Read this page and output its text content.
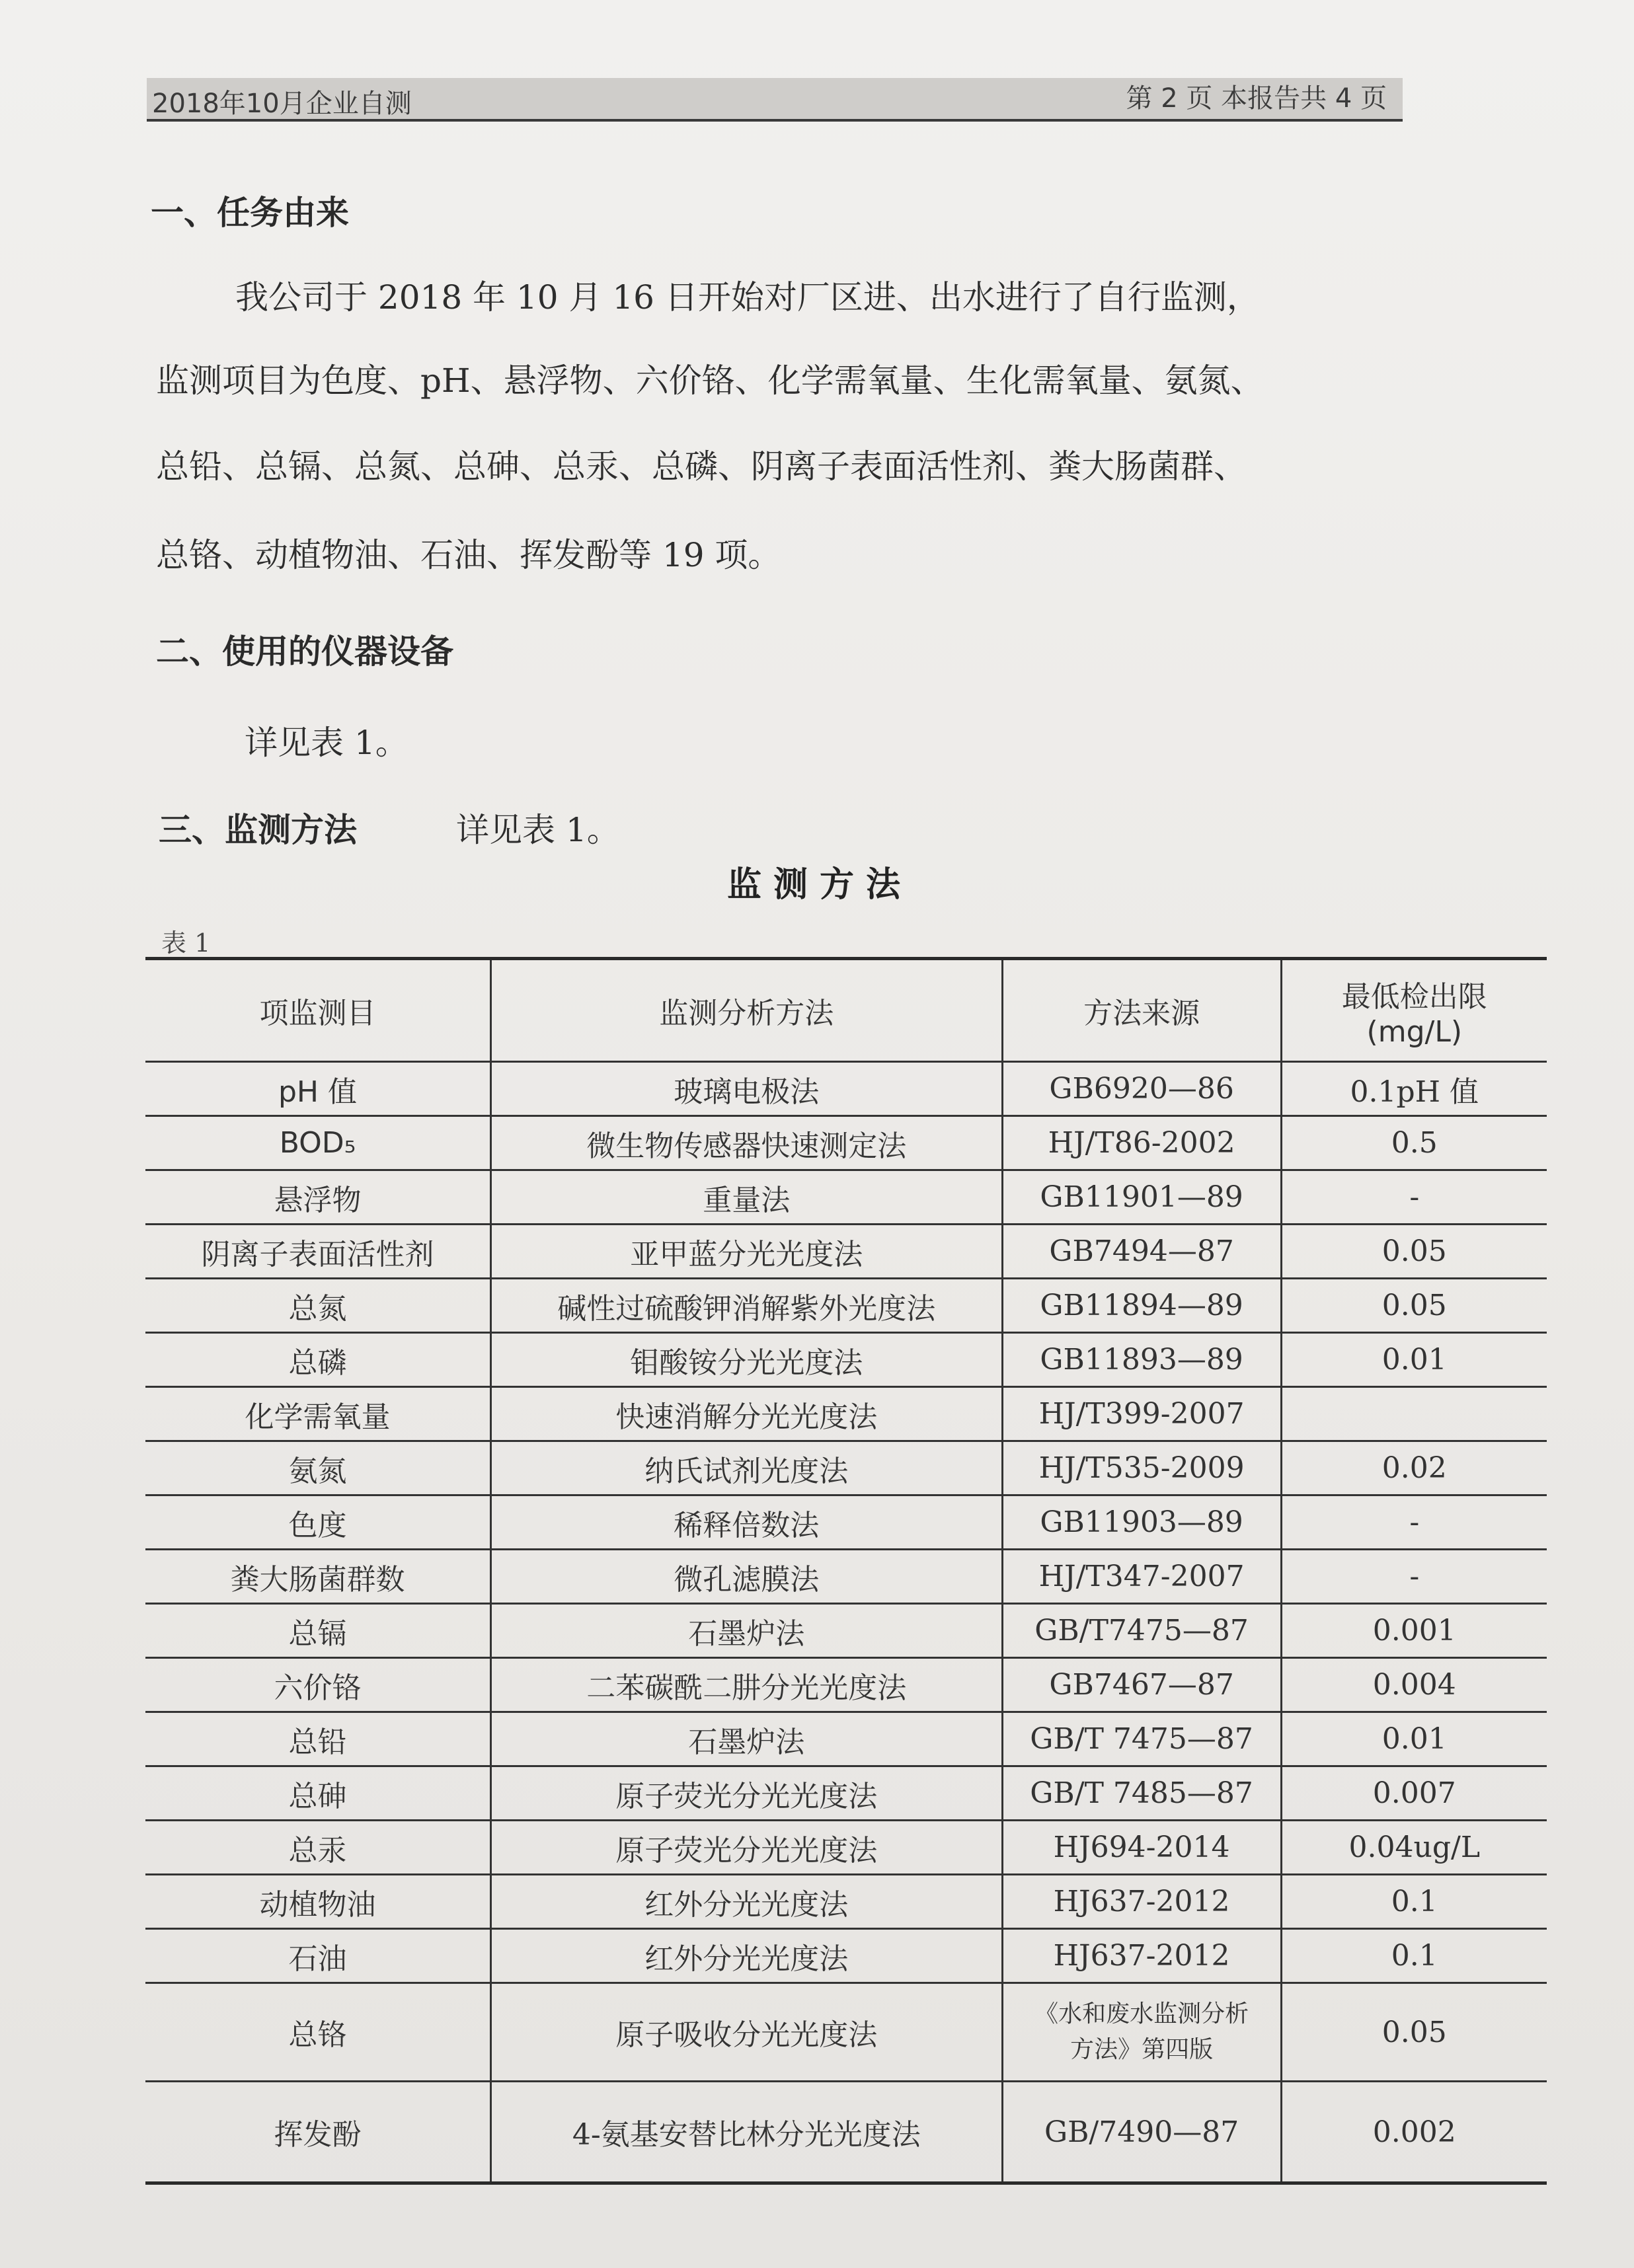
2018年10月企业自测	第 2 页 本报告共 4 页
一、任务由来
我公司于 2018 年 10 月 16 日开始对厂区进、出水进行了自行监测，
监测项目为色度、pH、悬浮物、六价铬、化学需氧量、生化需氧量、氨氮、
总铅、总镉、总氮、总砷、总汞、总磷、阴离子表面活性剂、粪大肠菌群、
总铬、动植物油、石油、挥发酚等 19 项。
二、使用的仪器设备
详见表 1。
三、监测方法	详见表 1。
监测方法
表 1
项监测目	监测分析方法	方法来源	最低检出限
(mg/L)

pH 值	玻璃电极法	GB6920—86	0.1pH 值
BOD₅	微生物传感器快速测定法	HJ/T86-2002	0.5
悬浮物	重量法	GB11901—89	-
阴离子表面活性剂	亚甲蓝分光光度法	GB7494—87	0.05
总氮	碱性过硫酸钾消解紫外光度法	GB11894—89	0.05
总磷	钼酸铵分光光度法	GB11893—89	0.01
化学需氧量	快速消解分光光度法	HJ/T399-2007	
氨氮	纳氏试剂光度法	HJ/T535-2009	0.02
色度	稀释倍数法	GB11903—89	-
粪大肠菌群数	微孔滤膜法	HJ/T347-2007	-
总镉	石墨炉法	GB/T7475—87	0.001
六价铬	二苯碳酰二肼分光光度法	GB7467—87	0.004
总铅	石墨炉法	GB/T 7475—87	0.01
总砷	原子荧光分光光度法	GB/T 7485—87	0.007
总汞	原子荧光分光光度法	HJ694-2014	0.04ug/L
动植物油	红外分光光度法	HJ637-2012	0.1
石油	红外分光光度法	HJ637-2012	0.1
总铬	原子吸收分光光度法	《水和废水监测分析
方法》第四版	0.05
挥发酚	4-氨基安替比林分光光度法	GB/7490—87	0.002
